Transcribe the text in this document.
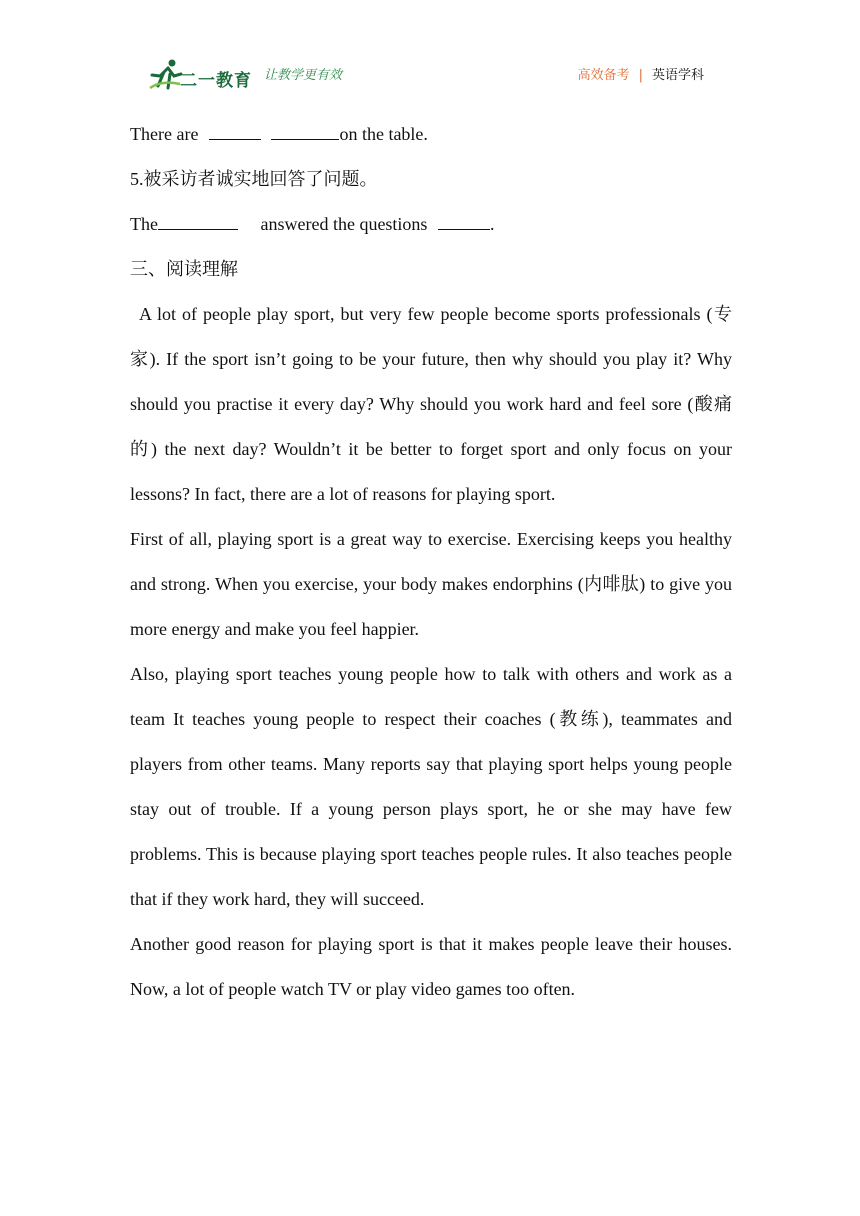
二一教育 让教学更有效	高效备考 | 英语学科
There are	on the table.
5.被采访者诚实地回答了问题。
The	answered the questions	.
三、阅读理解

A lot of people play sport, but very few people become sports professionals (专家). If the sport isn’t going to be your future, then why should you play it? Why should you practise it every day? Why should you work hard and feel sore (酸痛的) the next day? Wouldn’t it be better to forget sport and only focus on your lessons? In fact, there are a lot of reasons for playing sport.

First of all, playing sport is a great way to exercise. Exercising keeps you healthy and strong. When you exercise, your body makes endorphins (内啡肽) to give you more energy and make you feel happier.

Also, playing sport teaches young people how to talk with others and work as a team It teaches young people to respect their coaches (教练), teammates and players from other teams. Many reports say that playing sport helps young people stay out of trouble. If a young person plays sport, he or she may have few problems. This is because playing sport teaches people rules. It also teaches people that if they work hard, they will succeed.

Another good reason for playing sport is that it makes people leave their houses. Now, a lot of people watch TV or play video games too often.
